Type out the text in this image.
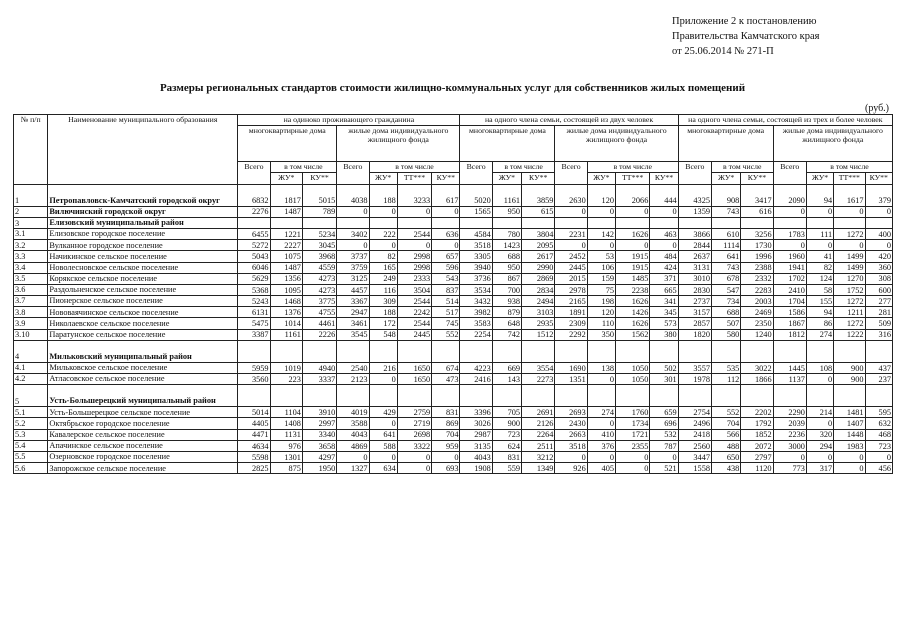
Приложение 2 к постановлению
Правительства Камчатского края
от 25.06.2014 № 271-П
Размеры региональных стандартов стоимости жилищно-коммунальных услуг для собственников жилых помещений
(руб.)
№ п/п	Наименование муниципального образования	на одиноко проживающего гражданина							на одного члена семьи, состоящей из двух человек							на одного члена семьи, состоящей из трех и более человек						
		многоквартирные дома			жилые дома индивидуального жилищного фонда				многоквартирные дома			жилые дома индивидуального жилищного фонда				многоквартирные дома			жилые дома индивидуального жилищного фонда			
		Всего	в том числе		Всего	в том числе			Всего	в том числе		Всего	в том числе			Всего	в том числе		Всего	в том числе		
			ЖУ*	КУ**		ЖУ*	ТТ***	КУ**		ЖУ*	КУ**		ЖУ*	ТТ***	КУ**		ЖУ*	КУ**		ЖУ*	ТТ***	КУ**
1	Петропавловск-Камчатский городской округ	6832	1817	5015	4038	188	3233	617	5020	1161	3859	2630	120	2066	444	4325	908	3417	2090	94	1617	379
2	Вилючинский городской округ	2276	1487	789	0	0	0	0	1565	950	615	0	0	0	0	1359	743	616	0	0	0	0
3	Елизовский муниципальный район																					
3.1	Елизовское городское поселение	6455	1221	5234	3402	222	2544	636	4584	780	3804	2231	142	1626	463	3866	610	3256	1783	111	1272	400
3.2	Вулканное городское поселение	5272	2227	3045	0	0	0	0	3518	1423	2095	0	0	0	0	2844	1114	1730	0	0	0	0
3.3	Начикинское сельское поселение	5043	1075	3968	3737	82	2998	657	3305	688	2617	2452	53	1915	484	2637	641	1996	1960	41	1499	420
3.4	Новолесновское сельское поселение	6046	1487	4559	3759	165	2998	596	3940	950	2990	2445	106	1915	424	3131	743	2388	1941	82	1499	360
3.5	Корякское сельское поселение	5629	1356	4273	3125	249	2333	543	3736	867	2869	2015	159	1485	371	3010	678	2332	1702	124	1270	308
3.6	Раздольненское сельское поселение	5368	1095	4273	4457	116	3504	837	3534	700	2834	2978	75	2238	665	2830	547	2283	2410	58	1752	600
3.7	Пионерское сельское поселение	5243	1468	3775	3367	309	2544	514	3432	938	2494	2165	198	1626	341	2737	734	2003	1704	155	1272	277
3.8	Нововаячинское сельское поселение	6131	1376	4755	2947	188	2242	517	3982	879	3103	1891	120	1426	345	3157	688	2469	1586	94	1211	281
3.9	Николаевское сельское поселение	5475	1014	4461	3461	172	2544	745	3583	648	2935	2309	110	1626	573	2857	507	2350	1867	86	1272	509
3.10	Паратунское сельское поселение	3387	1161	2226	3545	548	2445	552	2254	742	1512	2292	350	1562	380	1820	580	1240	1812	274	1222	316
4	Мильковский муниципальный район																					
4.1	Мильковское сельское поселение	5959	1019	4940	2540	216	1650	674	4223	669	3554	1690	138	1050	502	3557	535	3022	1445	108	900	437
4.2	Атласовское сельское поселение	3560	223	3337	2123	0	1650	473	2416	143	2273	1351	0	1050	301	1978	112	1866	1137	0	900	237
5	Усть-Большерецкий муниципальный район																					
5.1	Усть-Большерецкое сельское поселение	5014	1104	3910	4019	429	2759	831	3396	705	2691	2693	274	1760	659	2754	552	2202	2290	214	1481	595
5.2	Октябрьское городское поселение	4405	1408	2997	3588	0	2719	869	3026	900	2126	2430	0	1734	696	2496	704	1792	2039	0	1407	632
5.3	Кавалерское сельское поселение	4471	1131	3340	4043	641	2698	704	2987	723	2264	2663	410	1721	532	2418	566	1852	2236	320	1448	468
5.4	Апачинское сельское поселение	4634	976	3658	4869	588	3322	959	3135	624	2511	3518	376	2355	787	2560	488	2072	3000	294	1983	723
5.5	Озерновское городское поселение	5598	1301	4297	0	0	0	0	4043	831	3212	0	0	0	0	3447	650	2797	0	0	0	0
5.6	Запорожское сельское поселение	2825	875	1950	1327	634	0	693	1908	559	1349	926	405	0	521	1558	438	1120	773	317	0	456
